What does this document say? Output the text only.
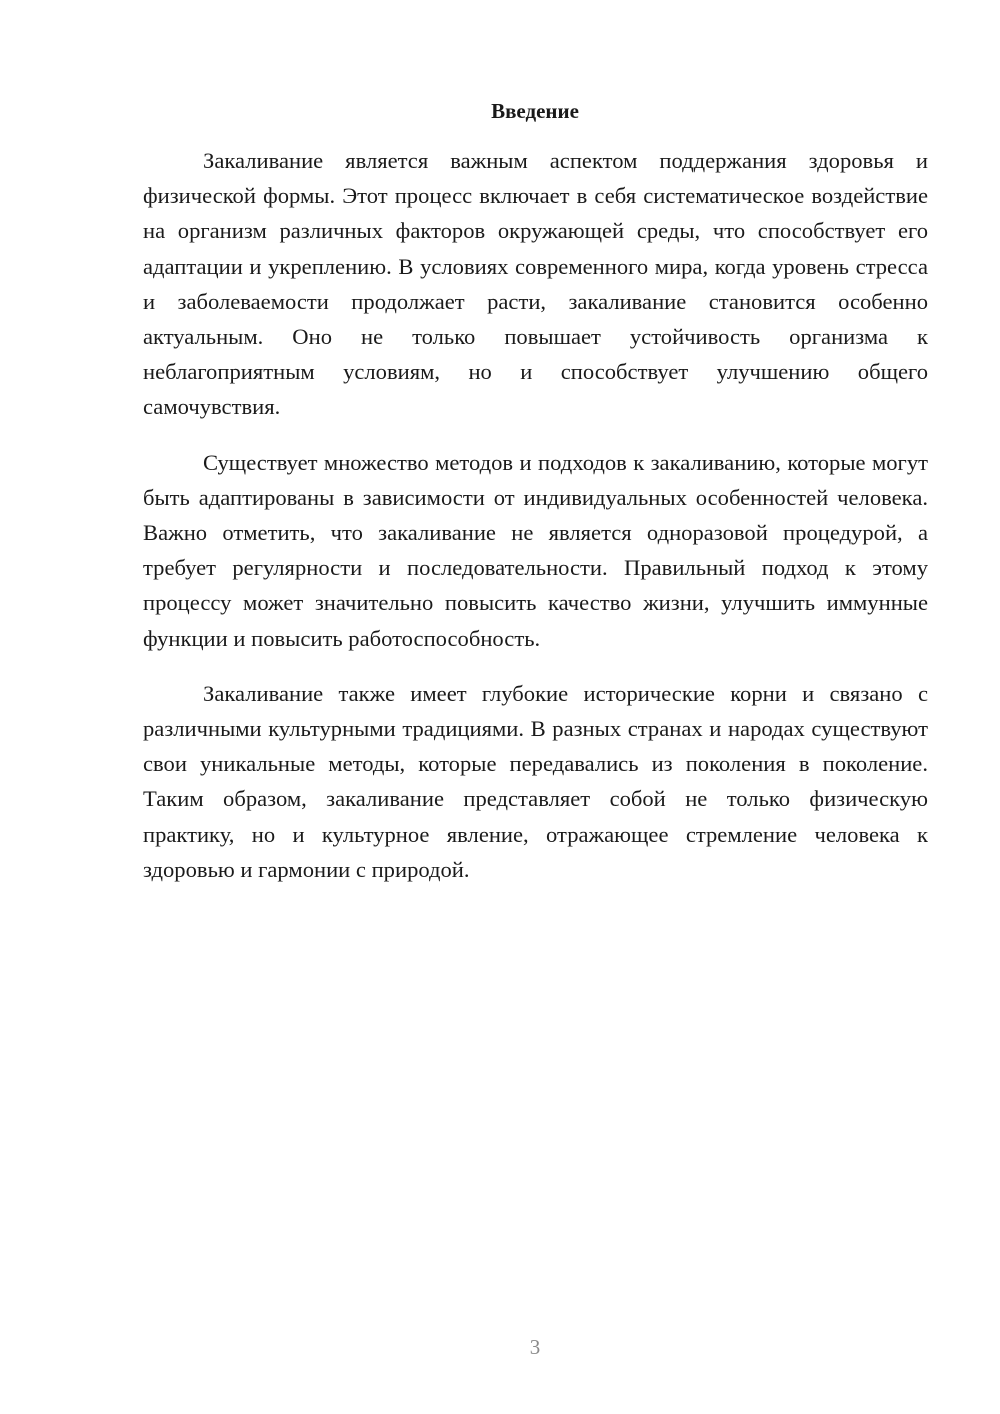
Введение

Закаливание является важным аспектом поддержания здоровья и физической формы. Этот процесс включает в себя систематическое воздействие на организм различных факторов окружающей среды, что способствует его адаптации и укреплению. В условиях современного мира, когда уровень стресса и заболеваемости продолжает расти, закаливание становится особенно актуальным. Оно не только повышает устойчивость организма к неблагоприятным условиям, но и способствует улучшению общего самочувствия.

Существует множество методов и подходов к закаливанию, которые могут быть адаптированы в зависимости от индивидуальных особенностей человека. Важно отметить, что закаливание не является одноразовой процедурой, а требует регулярности и последовательности. Правильный подход к этому процессу может значительно повысить качество жизни, улучшить иммунные функции и повысить работоспособность.

Закаливание также имеет глубокие исторические корни и связано с различными культурными традициями. В разных странах и народах существуют свои уникальные методы, которые передавались из поколения в поколение. Таким образом, закаливание представляет собой не только физическую практику, но и культурное явление, отражающее стремление человека к здоровью и гармонии с природой.

3
